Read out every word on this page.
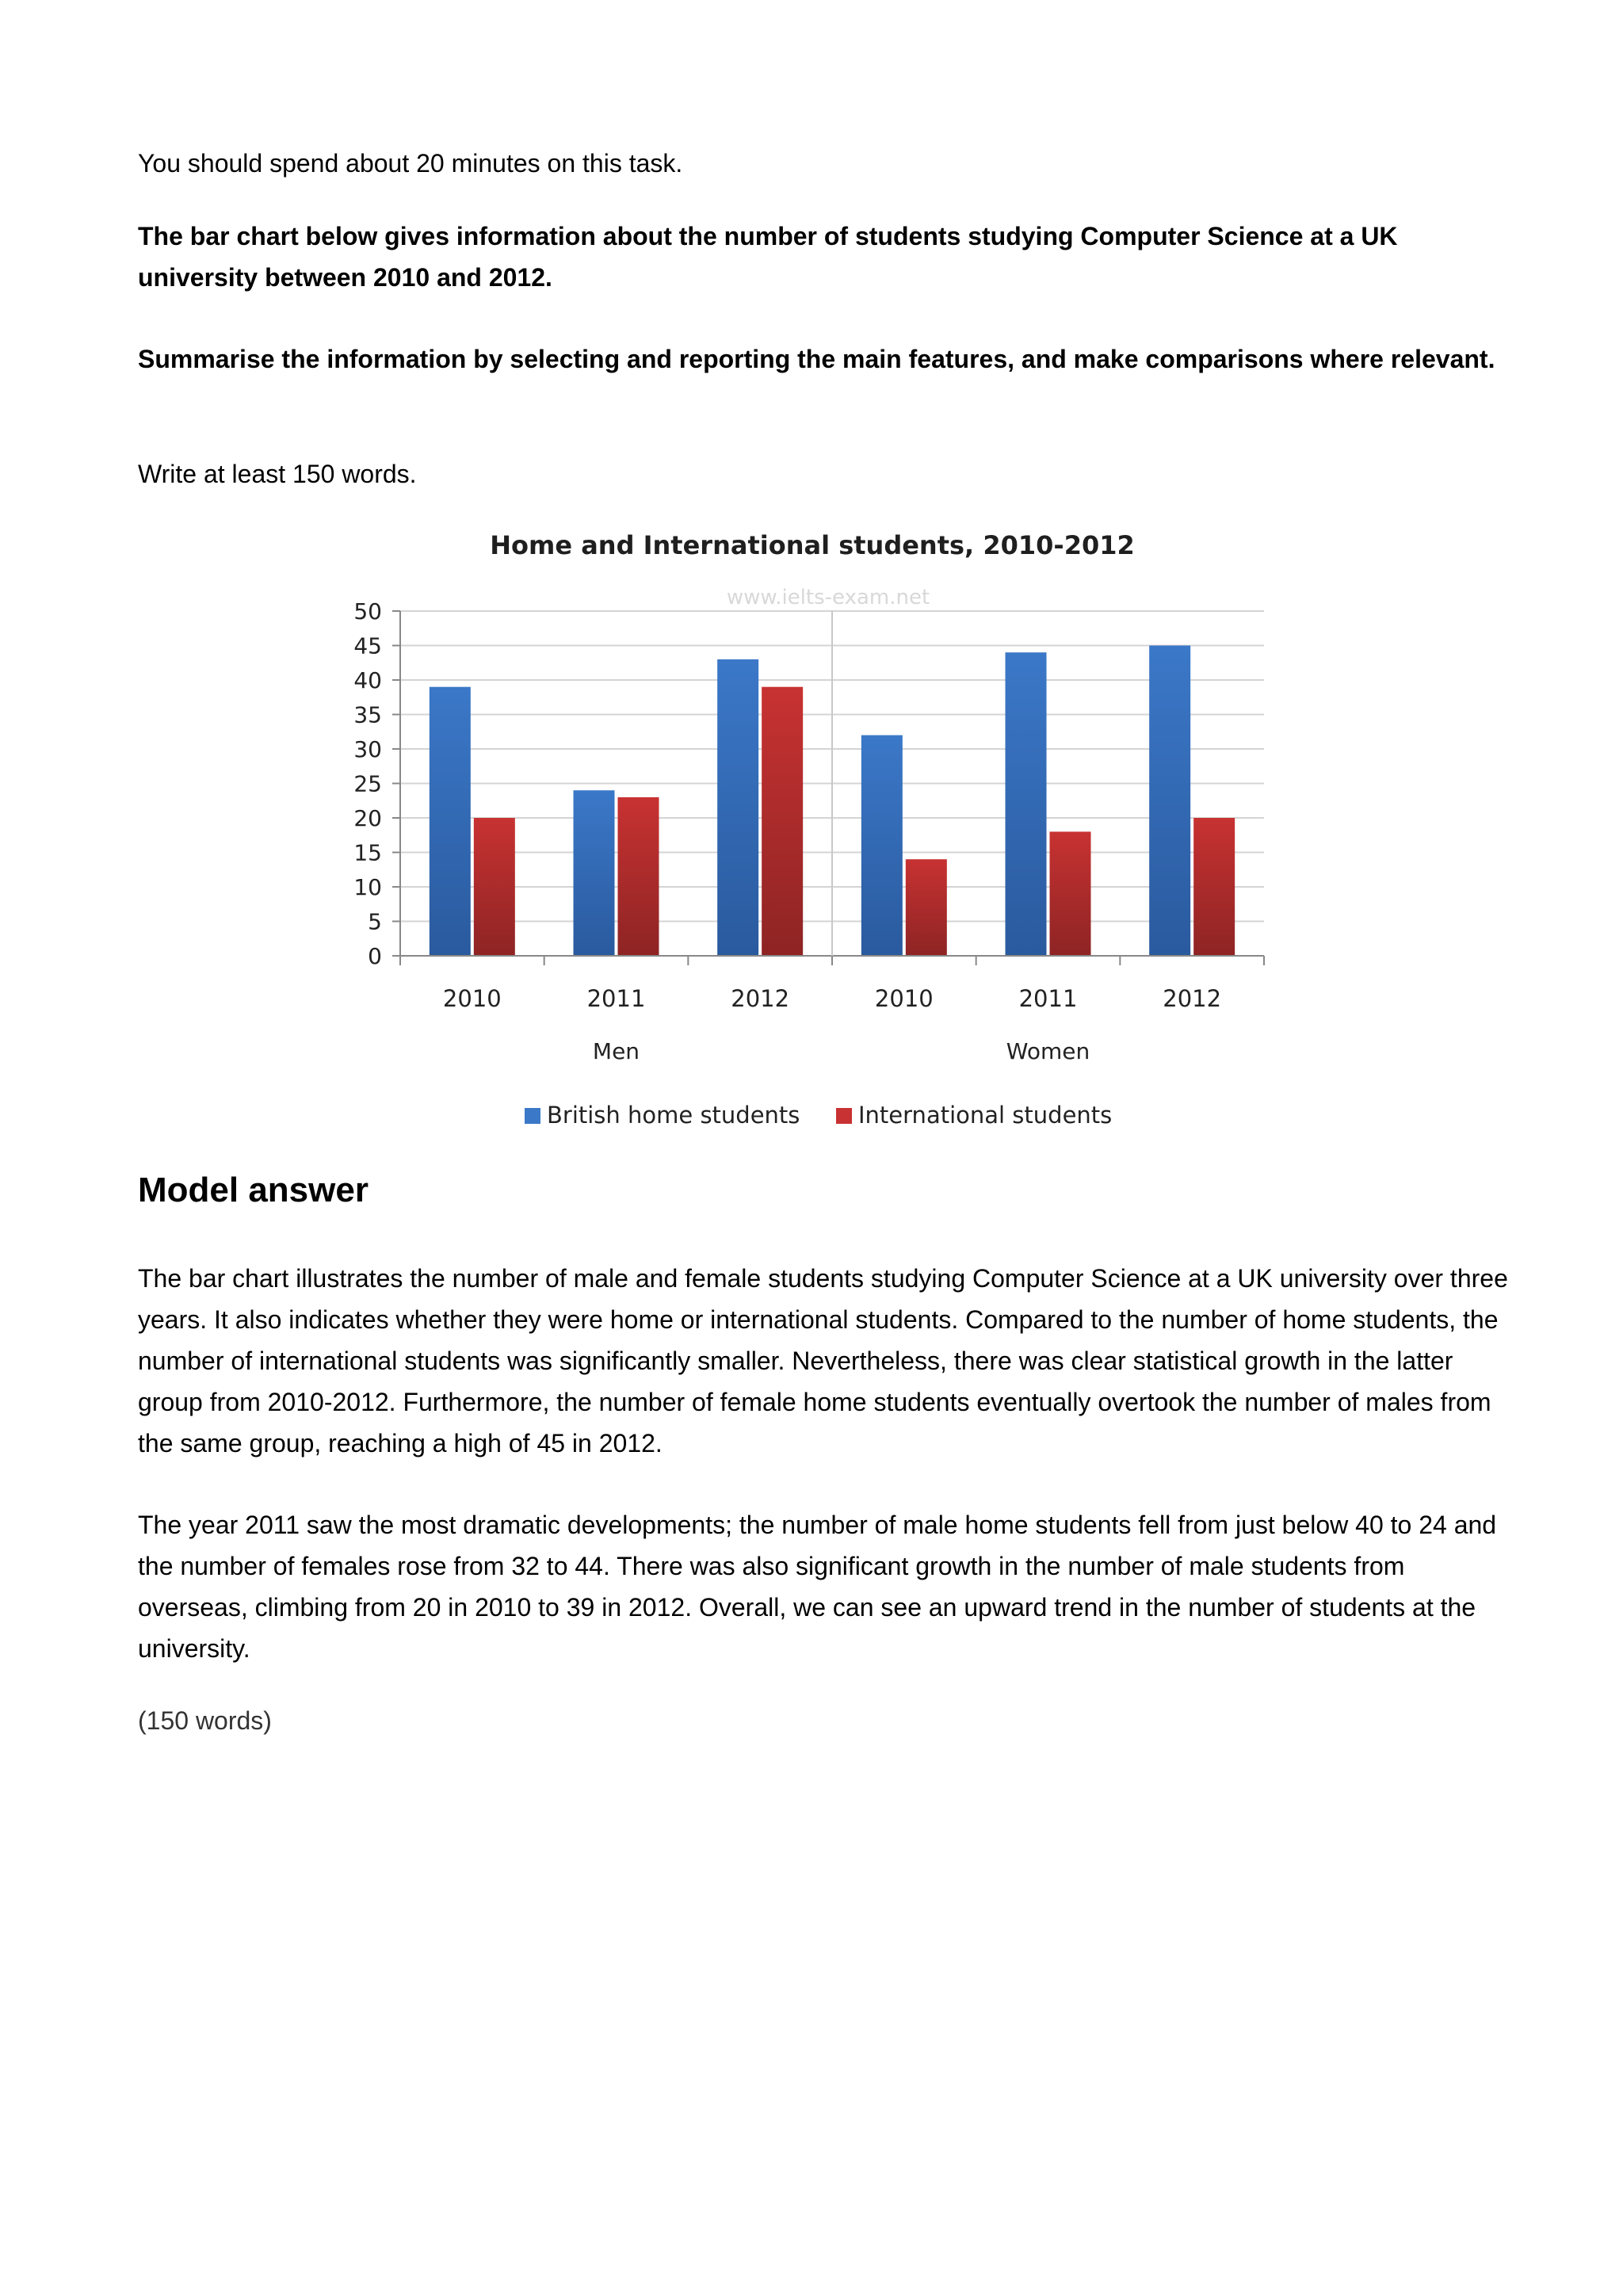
You should spend about 20 minutes on this task.

The bar chart below gives information about the number of students studying Computer Science at a UK university between 2010 and 2012.

Summarise the information by selecting and reporting the main features, and make comparisons where relevant.

Write at least 150 words.

Home and International students, 2010-2012
www.ielts-exam.net
0
5
10
15
20
25
30
35
40
45
50
2010	2011	2012	2010	2011	2012
Men	Women
British home students	International students
Model answer

The bar chart illustrates the number of male and female students studying Computer Science at a UK university over three years. It also indicates whether they were home or international students. Compared to the number of home students, the number of international students was significantly smaller. Nevertheless, there was clear statistical growth in the latter group from 2010-2012. Furthermore, the number of female home students eventually overtook the number of males from the same group, reaching a high of 45 in 2012.

The year 2011 saw the most dramatic developments; the number of male home students fell from just below 40 to 24 and the number of females rose from 32 to 44. There was also significant growth in the number of male students from overseas, climbing from 20 in 2010 to 39 in 2012. Overall, we can see an upward trend in the number of students at the university.

(150 words)
